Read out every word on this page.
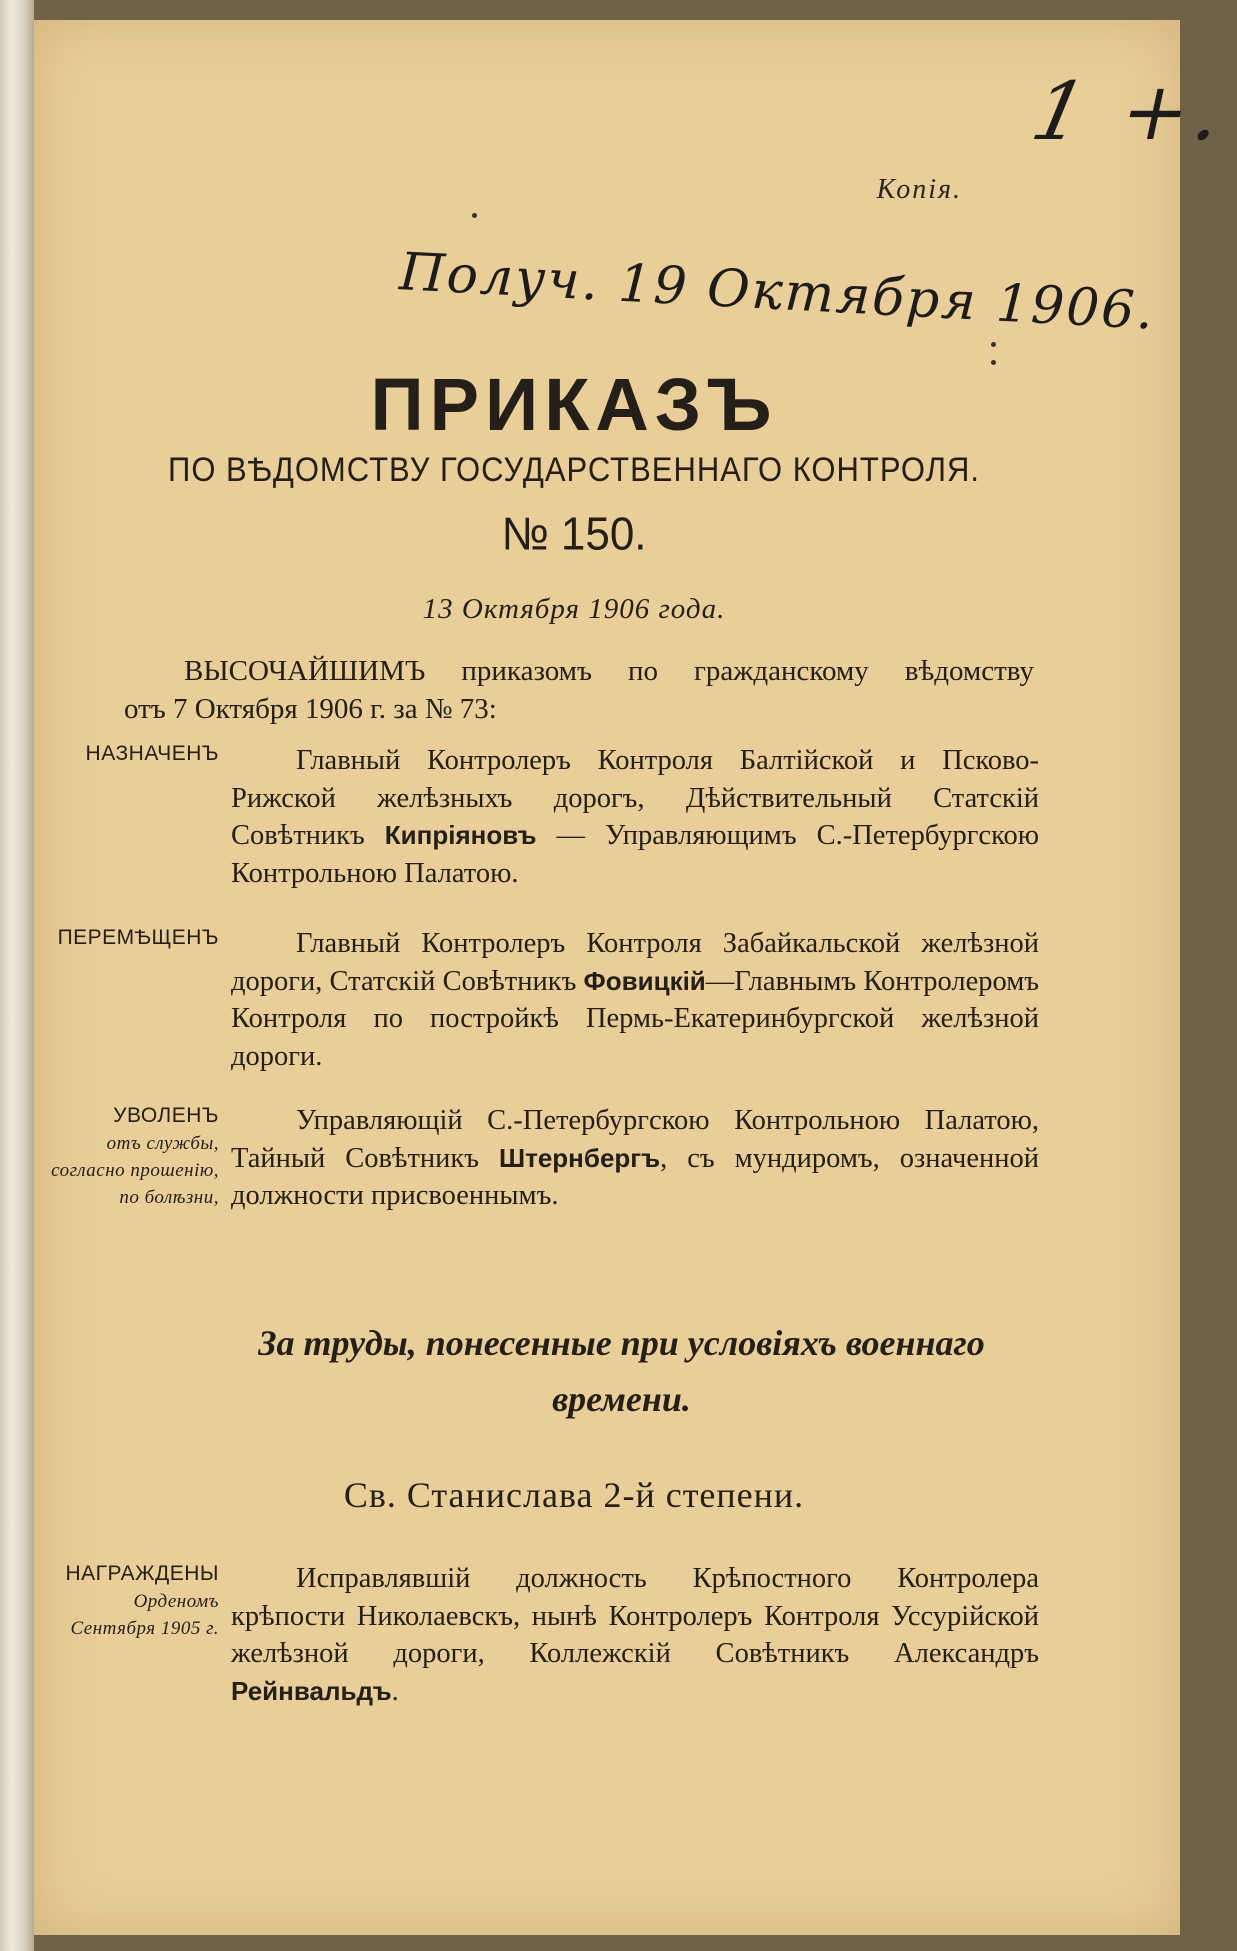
1 +.
Копія.
Получ. 19 Октября 1906.
ПРИКАЗЪ
ПО ВѢДОМСТВУ ГОСУДАРСТВЕННАГО КОНТРОЛЯ.
№ 150.
13 Октября 1906 года.
ВЫСОЧАЙШИМЪ приказомъ по гражданскому вѣдомству
отъ 7 Октября 1906 г. за № 73:
НАЗНАЧЕНЪ	Главный Контролеръ Контроля Балтійской и Псково-Рижской желѣзныхъ дорогъ, Дѣйствительный Статскій Совѣтникъ Кипріяновъ — Управляющимъ С.-Петербургскою Контрольною Палатою.
ПЕРЕМѢЩЕНЪ	Главный Контролеръ Контроля Забайкальской желѣзной дороги, Статскій Совѣтникъ Фовицкій—Главнымъ Контролеромъ Контроля по постройкѣ Пермь-Екатеринбургской желѣзной дороги.
УВОЛЕНЪ
отъ службы,
согласно прошенію,
по болѣзни,
Управляющій С.-Петербургскою Контрольною Палатою, Тайный Совѣтникъ Штернбергъ, съ мундиромъ, означенной должности присвоеннымъ.
За труды, понесенные при условіяхъ военнаго времени.
Св. Станислава 2-й степени.
НАГРАЖДЕНЫ
Орденомъ
Сентября 1905 г.
Исправлявшій должность Крѣпостного Контролера крѣпости Николаевскъ, нынѣ Контролеръ Контроля Уссурійской желѣзной дороги, Коллежскій Совѣтникъ Александръ Рейнвальдъ.
